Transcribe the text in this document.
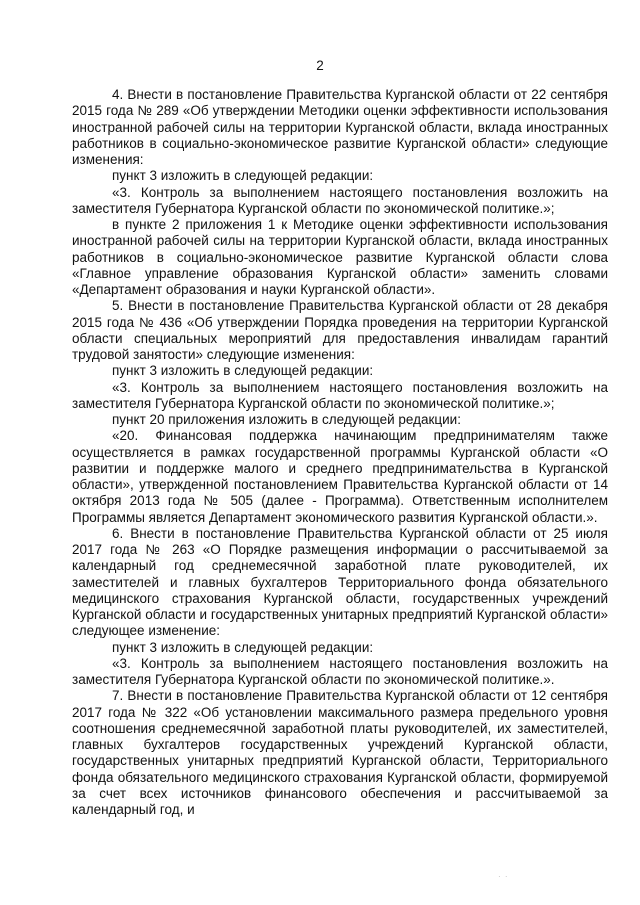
2

4. Внести в постановление Правительства Курганской области от 22 сентября 2015 года № 289 «Об утверждении Методики оценки эффективности использования иностранной рабочей силы на территории Курганской области, вклада иностранных работников в социально-экономическое развитие Курганской области» следующие изменения:

пункт 3 изложить в следующей редакции:

«3. Контроль за выполнением настоящего постановления возложить на заместителя Губернатора Курганской области по экономической политике.»;

в пункте 2 приложения 1 к Методике оценки эффективности использования иностранной рабочей силы на территории Курганской области, вклада иностранных работников в социально-экономическое развитие Курганской области слова «Главное управление образования Курганской области» заменить словами «Департамент образования и науки Курганской области».

5. Внести в постановление Правительства Курганской области от 28 декабря 2015 года № 436 «Об утверждении Порядка проведения на территории Курганской области специальных мероприятий для предоставления инвалидам гарантий трудовой занятости» следующие изменения:

пункт 3 изложить в следующей редакции:

«3. Контроль за выполнением настоящего постановления возложить на заместителя Губернатора Курганской области по экономической политике.»;

пункт 20 приложения изложить в следующей редакции:

«20. Финансовая поддержка начинающим предпринимателям также осуществляется в рамках государственной программы Курганской области «О развитии и поддержке малого и среднего предпринимательства в Курганской области», утвержденной постановлением Правительства Курганской области от 14 октября 2013 года № 505 (далее - Программа). Ответственным исполнителем Программы является Департамент экономического развития Курганской области.».

6. Внести в постановление Правительства Курганской области от 25 июля 2017 года № 263 «О Порядке размещения информации о рассчитываемой за календарный год среднемесячной заработной плате руководителей, их заместителей и главных бухгалтеров Территориального фонда обязательного медицинского страхования Курганской области, государственных учреждений Курганской области и государственных унитарных предприятий Курганской области» следующее изменение:

пункт 3 изложить в следующей редакции:

«3. Контроль за выполнением настоящего постановления возложить на заместителя Губернатора Курганской области по экономической политике.».

7. Внести в постановление Правительства Курганской области от 12 сентября 2017 года № 322 «Об установлении максимального размера предельного уровня соотношения среднемесячной заработной платы руководителей, их заместителей, главных бухгалтеров государственных учреждений Курганской области, государственных унитарных предприятий Курганской области, Территориального фонда обязательного медицинского страхования Курганской области, формируемой за счет всех источников финансового обеспечения и рассчитываемой за календарный год, и

· ·
